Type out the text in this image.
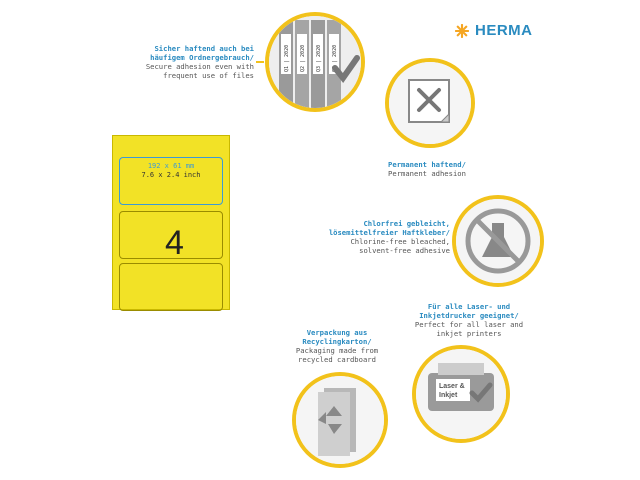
HERMA
192 x 61 mm
7.6 x 2.4 inch
4
Sicher haftend auch bei häufigem Ordnergebrauch/
Secure adhesion even with frequent use of files
Q1 | 2020 Q2 | 2020 Q3 | 2020 Q4 | 2020
Permanent haftend/
Permanent adhesion
Chlorfrei gebleicht, lösemittelfreier Haftkleber/
Chlorine-free bleached, solvent-free adhesive
Für alle Laser- und Inkjetdrucker geeignet/
Perfect for all laser and inkjet printers
Laser &
Inkjet
Verpackung aus Recyclingkarton/
Packaging made from recycled cardboard
